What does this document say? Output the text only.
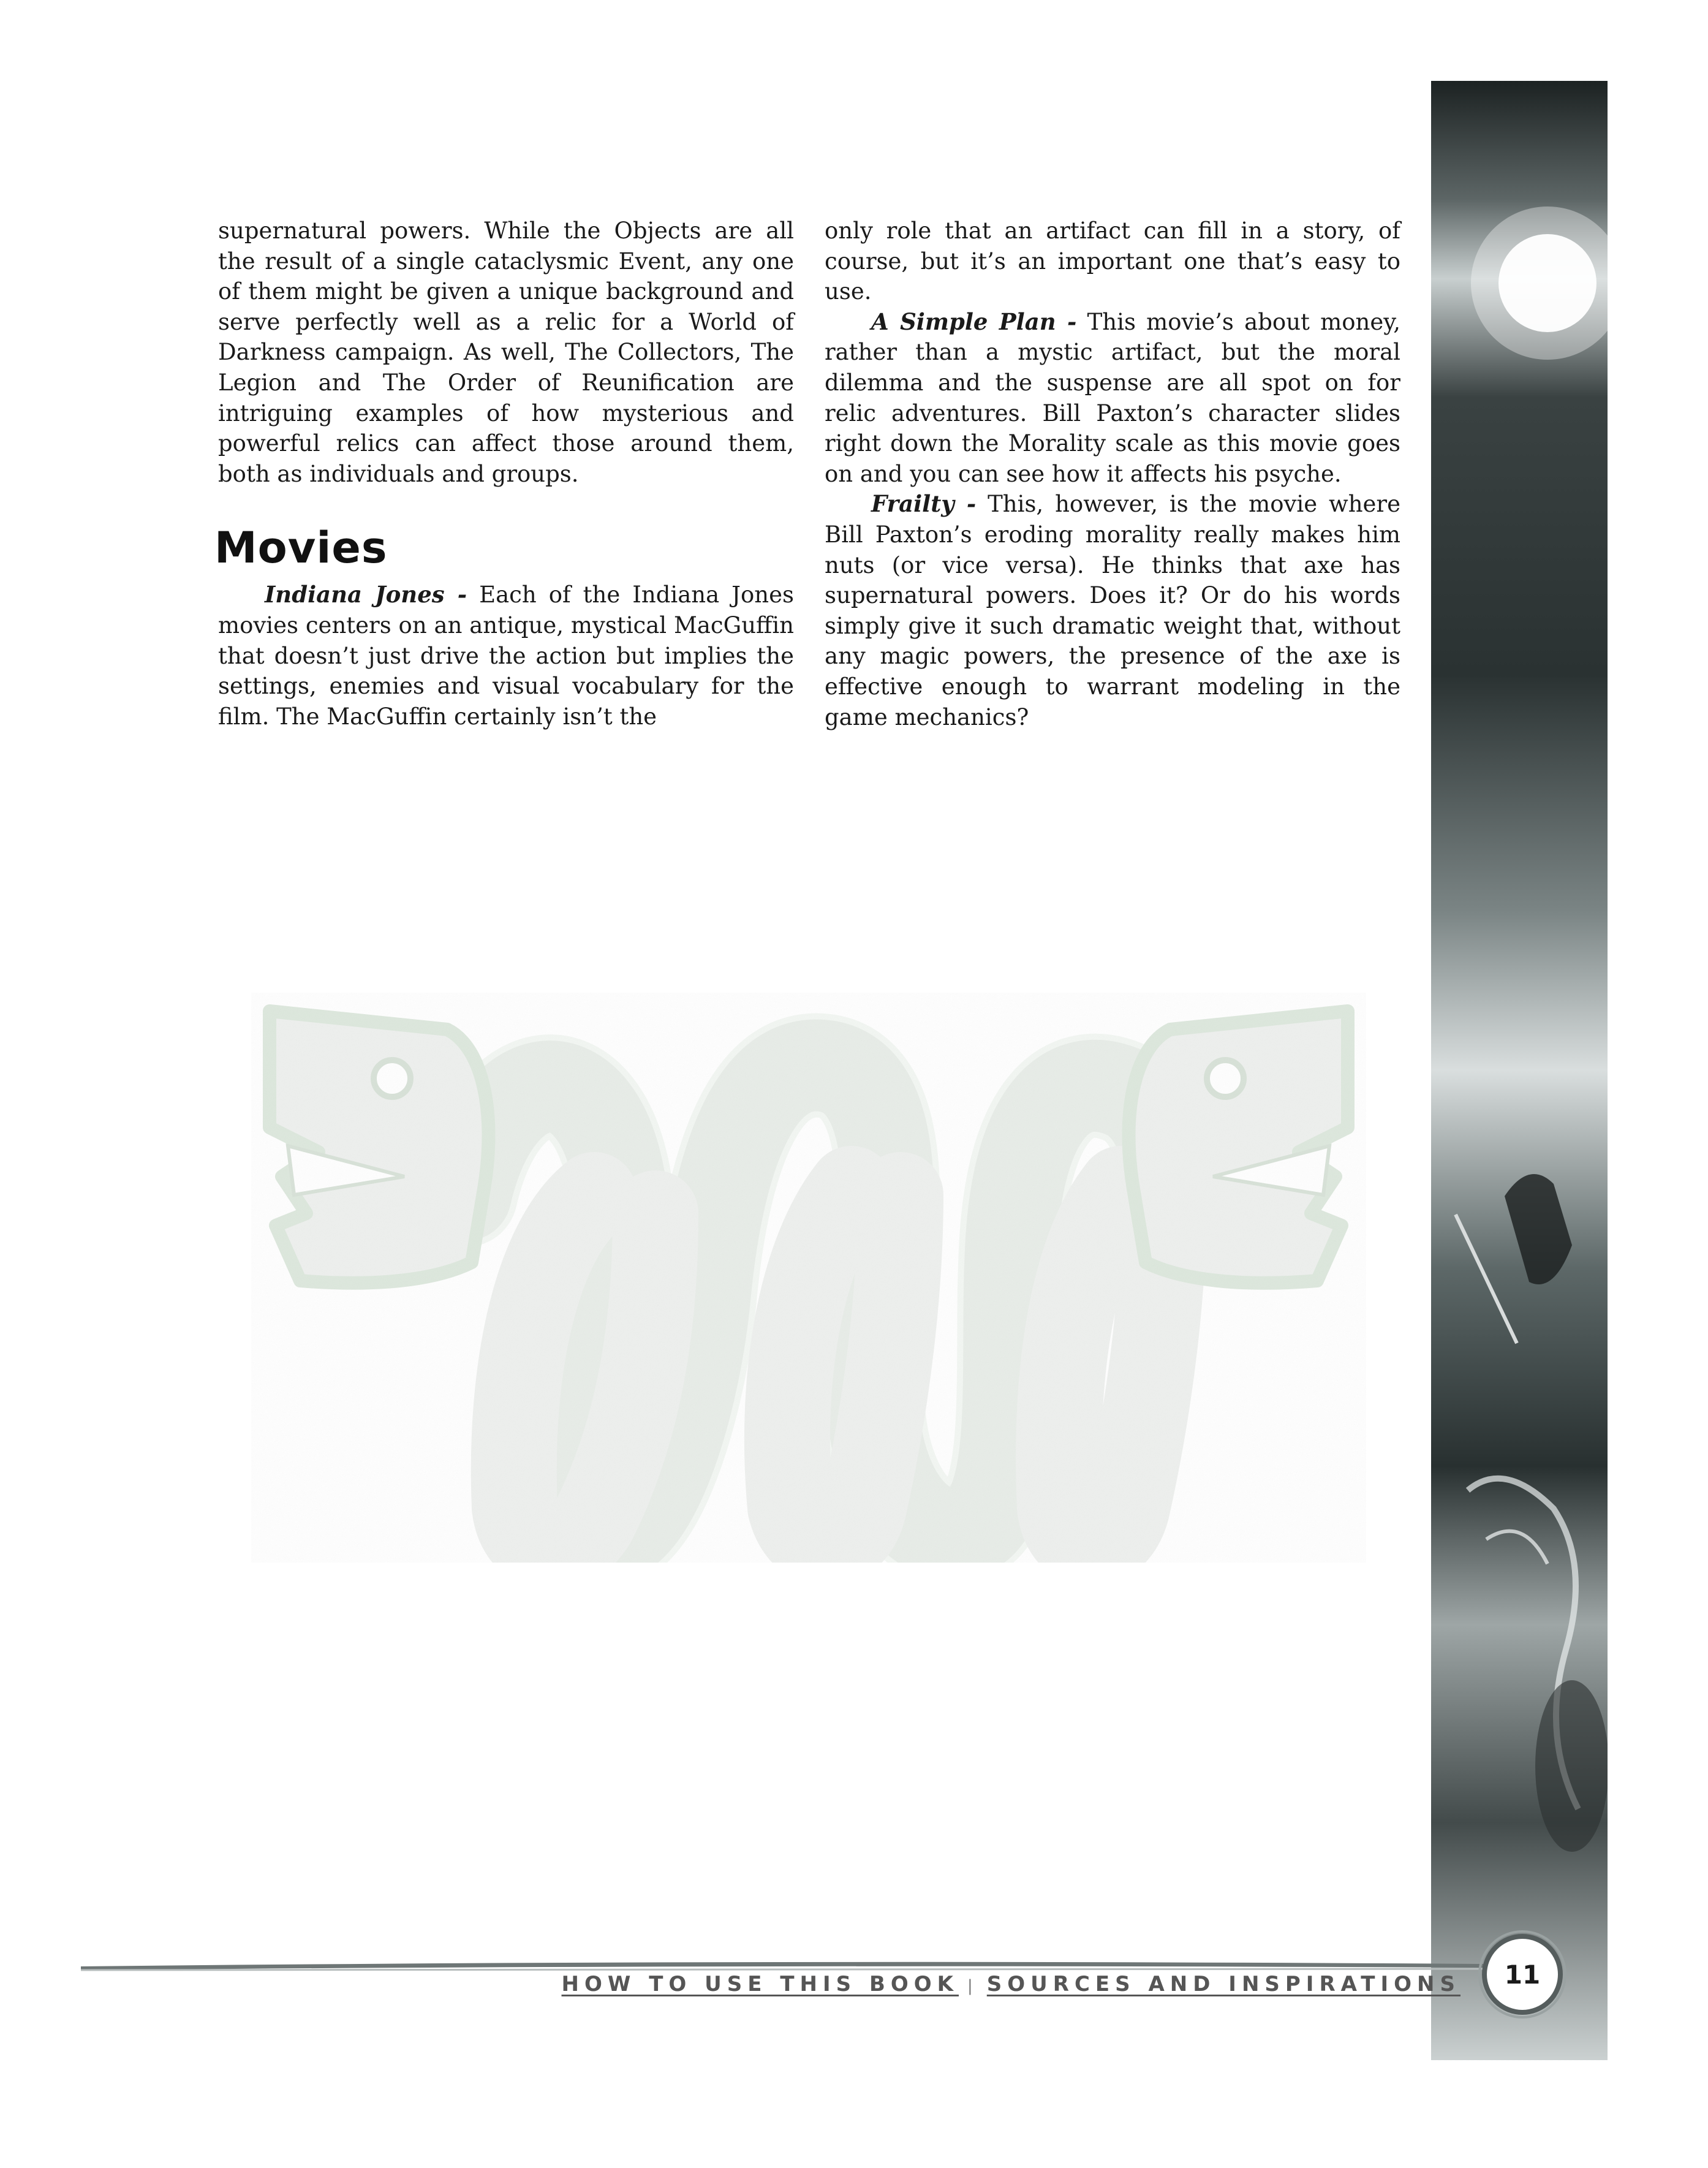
supernatural powers. While the Objects are all the result of a single cataclysmic Event, any one of them might be given a unique background and serve perfectly well as a relic for a World of Darkness campaign. As well, The Collectors, The Legion and The Order of Reunification are intriguing examples of how mysterious and powerful relics can affect those around them, both as individuals and groups.

Movies

Indiana Jones - Each of the Indiana Jones movies centers on an antique, mystical MacGuffin that doesn’t just drive the action but implies the settings, enemies and visual vocabulary for the film. The MacGuffin certainly isn’t the

only role that an artifact can fill in a story, of course, but it’s an important one that’s easy to use.

A Simple Plan - This movie’s about money, rather than a mystic artifact, but the moral dilemma and the suspense are all spot on for relic adventures. Bill Paxton’s character slides right down the Morality scale as this movie goes on and you can see how it affects his psyche.

Frailty - This, however, is the movie where Bill Paxton’s eroding morality really makes him nuts (or vice versa). He thinks that axe has supernatural powers. Does it? Or do his words simply give it such dramatic weight that, without any magic powers, the presence of the axe is effective enough to warrant modeling in the game mechanics?

HOW TO USE THIS BOOK | SOURCES AND INSPIRATIONS	11
